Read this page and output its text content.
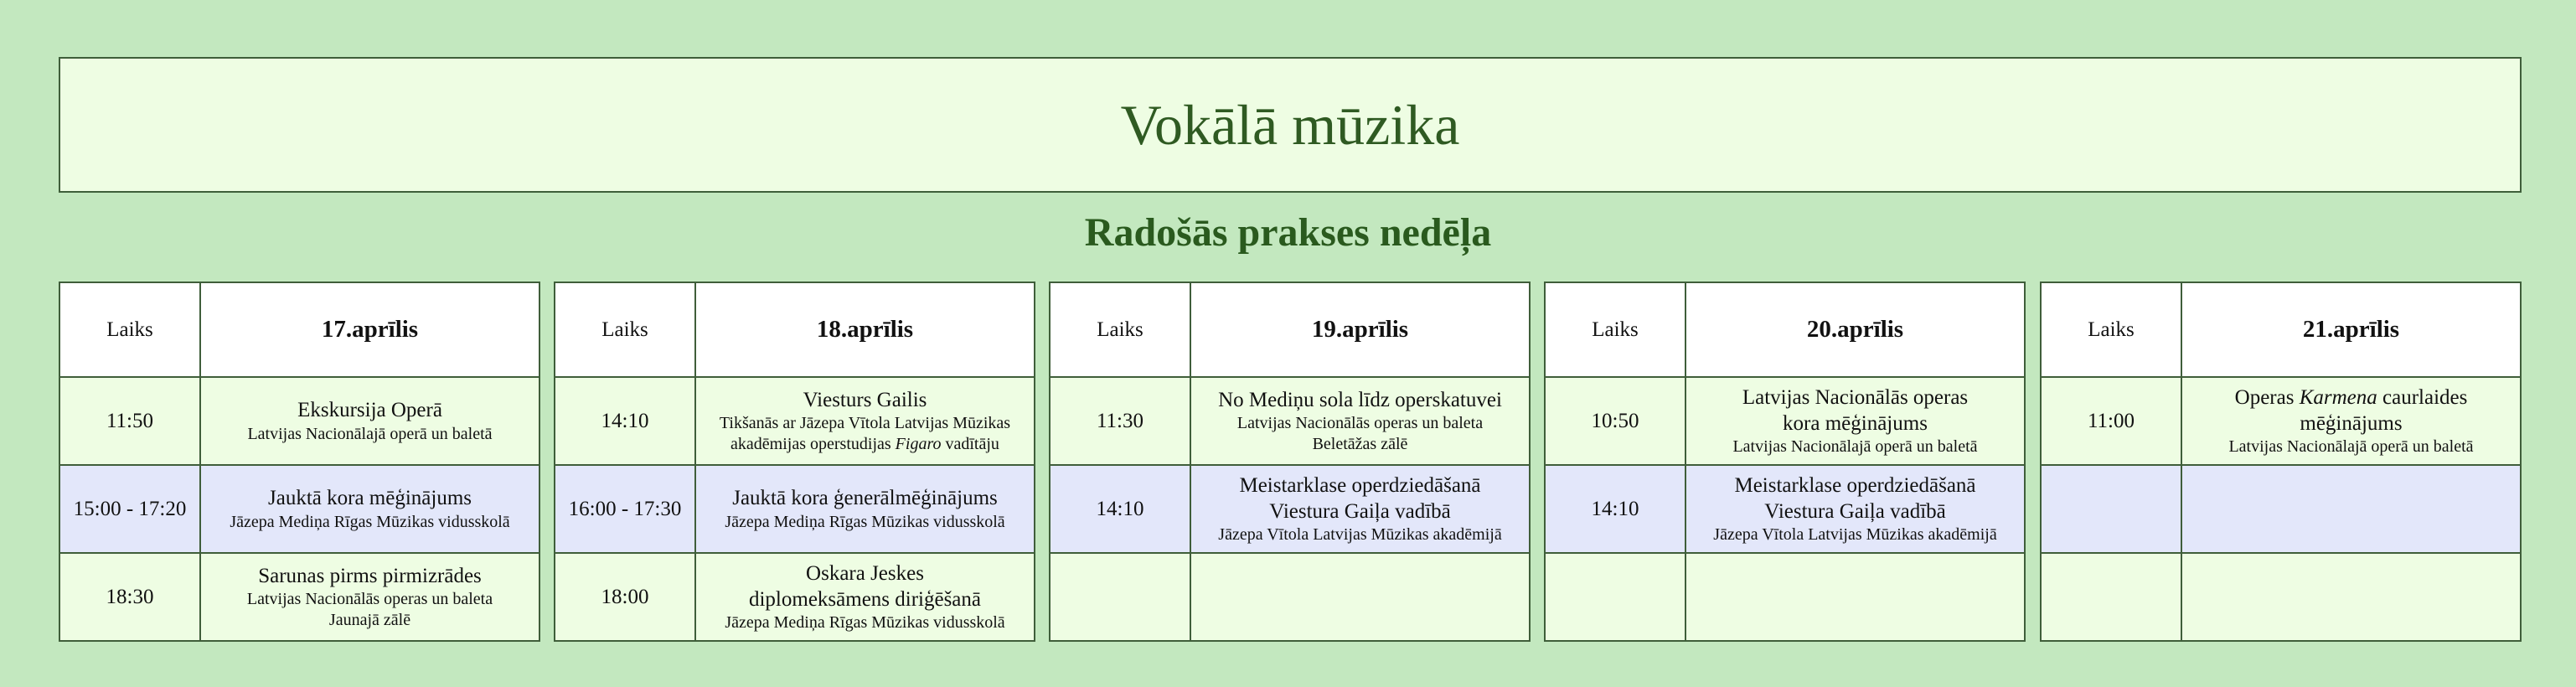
Vokālā mūzika
Radošās prakses nedēļa
Laiks	17.aprīlis
11:50	Ekskursija Operā
Latvijas Nacionālajā operā un baletā

15:00 - 17:20	Jauktā kora mēģinājums
Jāzepa Mediņa Rīgas Mūzikas vidusskolā

18:30	Sarunas pirms pirmizrādes
Latvijas Nacionālās operas un baleta
Jaunajā zālē
Laiks	18.aprīlis
14:10	Viesturs Gailis
Tikšanās ar Jāzepa Vītola Latvijas Mūzikas
akadēmijas operstudijas Figaro vadītāju

16:00 - 17:30	Jauktā kora ģenerālmēģinājums
Jāzepa Mediņa Rīgas Mūzikas vidusskolā

18:00	Oskara Jeskes
diplomeksāmens diriģēšanā
Jāzepa Mediņa Rīgas Mūzikas vidusskolā
Laiks	19.aprīlis
11:30	No Mediņu sola līdz operskatuvei
Latvijas Nacionālās operas un baleta
Beletāžas zālē

14:10	Meistarklase operdziedāšanā
Viestura Gaiļa vadībā
Jāzepa Vītola Latvijas Mūzikas akadēmijā

Laiks	20.aprīlis
10:50	Latvijas Nacionālās operas
kora mēģinājums
Latvijas Nacionālajā operā un baletā

14:10	Meistarklase operdziedāšanā
Viestura Gaiļa vadībā
Jāzepa Vītola Latvijas Mūzikas akadēmijā

Laiks	21.aprīlis
11:00	Operas Karmena caurlaides
mēģinājums
Latvijas Nacionālajā operā un baletā
